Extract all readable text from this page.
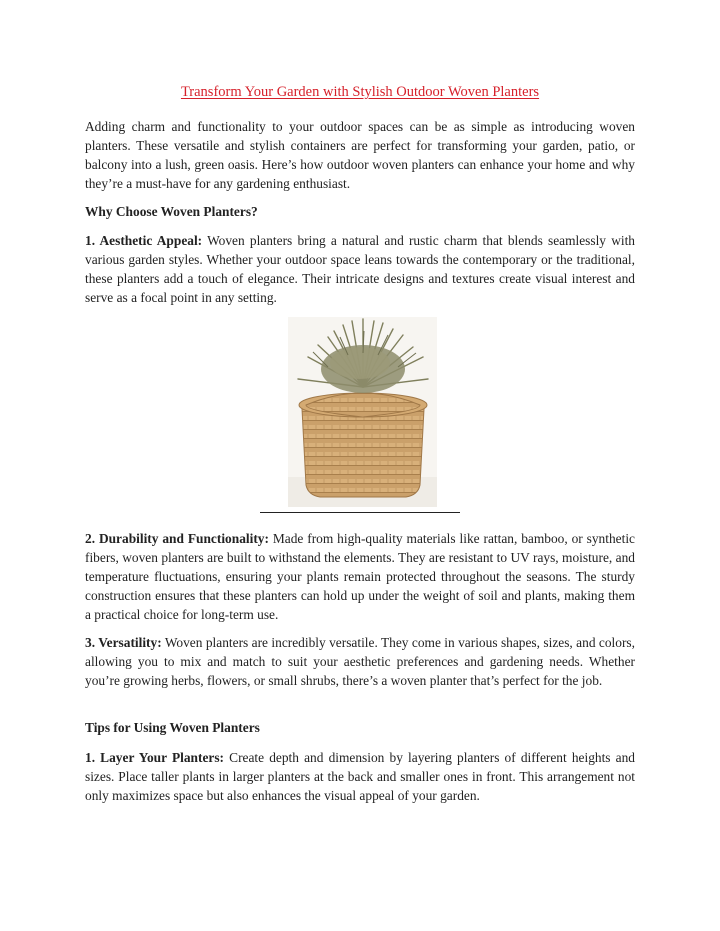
Transform Your Garden with Stylish Outdoor Woven Planters

Adding charm and functionality to your outdoor spaces can be as simple as introducing woven planters. These versatile and stylish containers are perfect for transforming your garden, patio, or balcony into a lush, green oasis. Here’s how outdoor woven planters can enhance your home and why they’re a must-have for any gardening enthusiast.

Why Choose Woven Planters?

1. Aesthetic Appeal: Woven planters bring a natural and rustic charm that blends seamlessly with various garden styles. Whether your outdoor space leans towards the contemporary or the traditional, these planters add a touch of elegance. Their intricate designs and textures create visual interest and serve as a focal point in any setting.

2. Durability and Functionality: Made from high-quality materials like rattan, bamboo, or synthetic fibers, woven planters are built to withstand the elements. They are resistant to UV rays, moisture, and temperature fluctuations, ensuring your plants remain protected throughout the seasons. The sturdy construction ensures that these planters can hold up under the weight of soil and plants, making them a practical choice for long-term use.

3. Versatility: Woven planters are incredibly versatile. They come in various shapes, sizes, and colors, allowing you to mix and match to suit your aesthetic preferences and gardening needs. Whether you’re growing herbs, flowers, or small shrubs, there’s a woven planter that’s perfect for the job.

Tips for Using Woven Planters

1. Layer Your Planters: Create depth and dimension by layering planters of different heights and sizes. Place taller plants in larger planters at the back and smaller ones in front. This arrangement not only maximizes space but also enhances the visual appeal of your garden.
